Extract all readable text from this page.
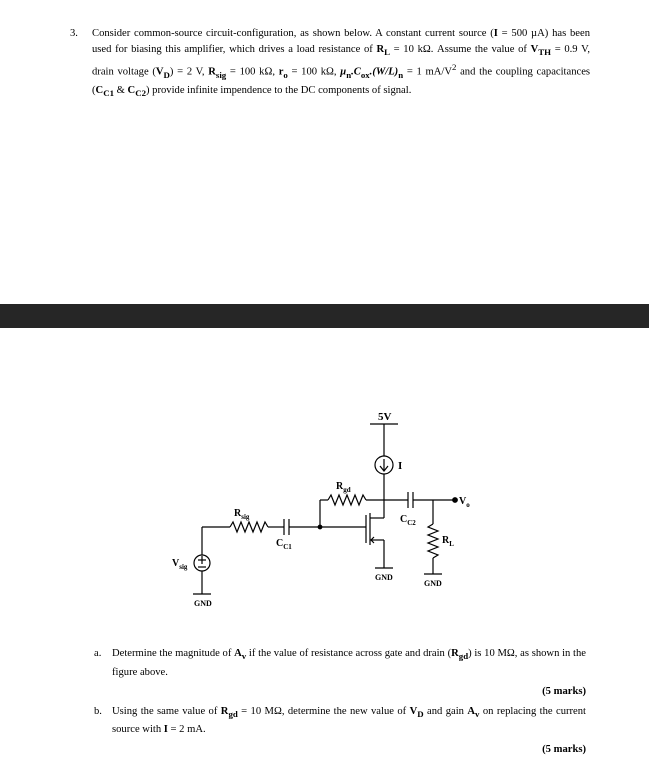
3. Consider common-source circuit-configuration, as shown below. A constant current source (I = 500 µA) has been used for biasing this amplifier, which drives a load resistance of $R_L = 10$ kΩ. Assume the value of $V_{TH} = 0.9$ V, drain voltage $(V_D) = 2$ V, $R_{sig} = 100$ kΩ, $r_o = 100$ kΩ, $\mu_n.C_{ox}.(W/L)_n = 1$ $mA/V^2$ and the coupling capacitances ($C_{C1}$ & $C_{C2}$) provide infinite impendence to the DC components of signal.
5V
I
$R_{gd}$
$V_o$
$C_{C2}$
$R_L$
GND
GND
$C_{C1}$
$R_{sig}$
$V_{sig}$
GND
a. Determine the magnitude of $A_v$ if the value of resistance across gate and drain $(R_{gd})$ is 10 MΩ, as shown in the figure above.
(5 marks)
b. Using the same value of $R_{gd} = 10$ MΩ, determine the new value of $V_D$ and gain $A_v$ on replacing the current source with I = 2 mA.
(5 marks)
